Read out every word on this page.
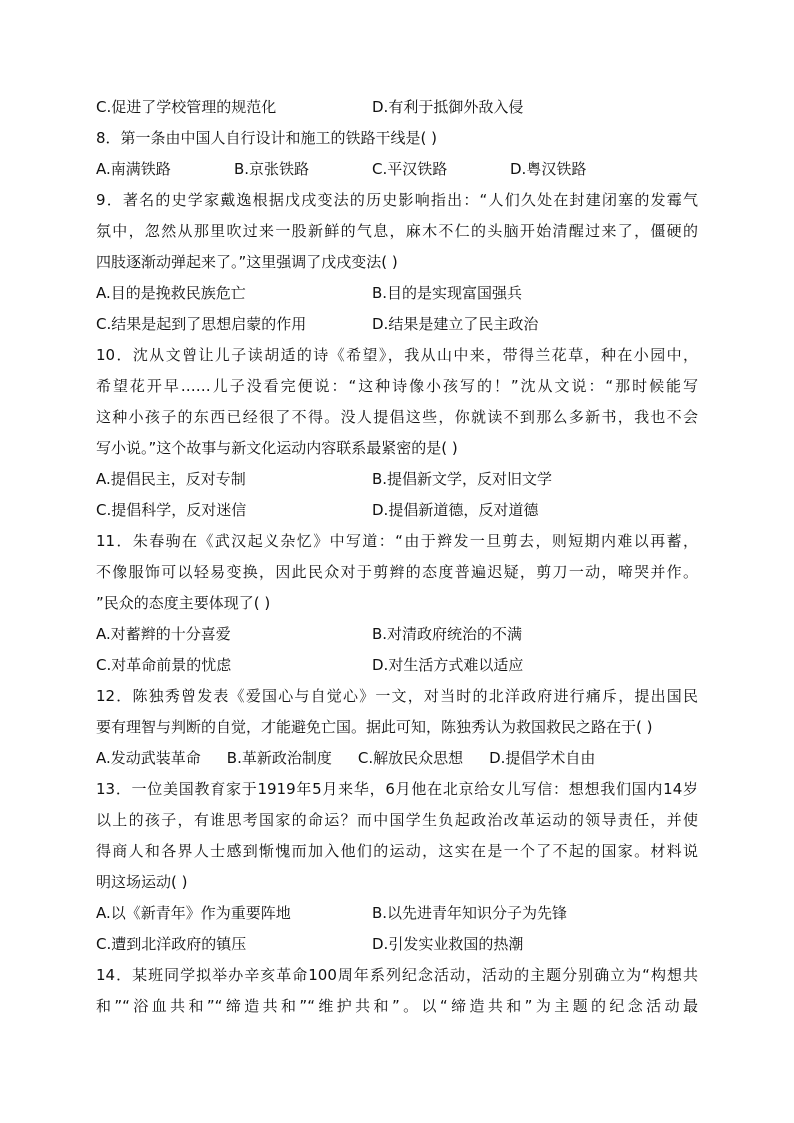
C.促进了学校管理的规范化	D.有利于抵御外敌入侵
8．第一条由中国人自行设计和施工的铁路干线是( )
A.南满铁路	B.京张铁路	C.平汉铁路	D.粤汉铁路
9．著名的史学家戴逸根据戊戌变法的历史影响指出：“人们久处在封建闭塞的发霉气
氛中，忽然从那里吹过来一股新鲜的气息，麻木不仁的头脑开始清醒过来了，僵硬的
四肢逐渐动弹起来了。”这里强调了戊戌变法( )
A.目的是挽救民族危亡	B.目的是实现富国强兵
C.结果是起到了思想启蒙的作用	D.结果是建立了民主政治
10．沈从文曾让儿子读胡适的诗《希望》，我从山中来，带得兰花草，种在小园中，
希望花开早……儿子没看完便说：“这种诗像小孩写的！”沈从文说：“那时候能写
这种小孩子的东西已经很了不得。没人提倡这些，你就读不到那么多新书，我也不会
写小说。”这个故事与新文化运动内容联系最紧密的是( )
A.提倡民主，反对专制	B.提倡新文学，反对旧文学
C.提倡科学，反对迷信	D.提倡新道德，反对道德
11．朱春驹在《武汉起义杂忆》中写道：“由于辫发一旦剪去，则短期内难以再蓄，
不像服饰可以轻易变换，因此民众对于剪辫的态度普遍迟疑，剪刀一动，啼哭并作。
”民众的态度主要体现了( )
A.对蓄辫的十分喜爱	B.对清政府统治的不满
C.对革命前景的忧虑	D.对生活方式难以适应
12．陈独秀曾发表《爱国心与自觉心》一文，对当时的北洋政府进行痛斥，提出国民
要有理智与判断的自觉，才能避免亡国。据此可知，陈独秀认为救国救民之路在于( )
A.发动武装革命 B.革新政治制度 C.解放民众思想 D.提倡学术自由
13．一位美国教育家于1919年5月来华，6月他在北京给女儿写信：想想我们国内14岁
以上的孩子，有谁思考国家的命运？而中国学生负起政治改革运动的领导责任，并使
得商人和各界人士感到惭愧而加入他们的运动，这实在是一个了不起的国家。材料说
明这场运动( )
A.以《新青年》作为重要阵地	B.以先进青年知识分子为先锋
C.遭到北洋政府的镇压	D.引发实业救国的热潮
14．某班同学拟举办辛亥革命100周年系列纪念活动，活动的主题分别确立为“构想共
和”“浴血共和”“缔造共和”“维护共和”。以“缔造共和”为主题的纪念活动最
